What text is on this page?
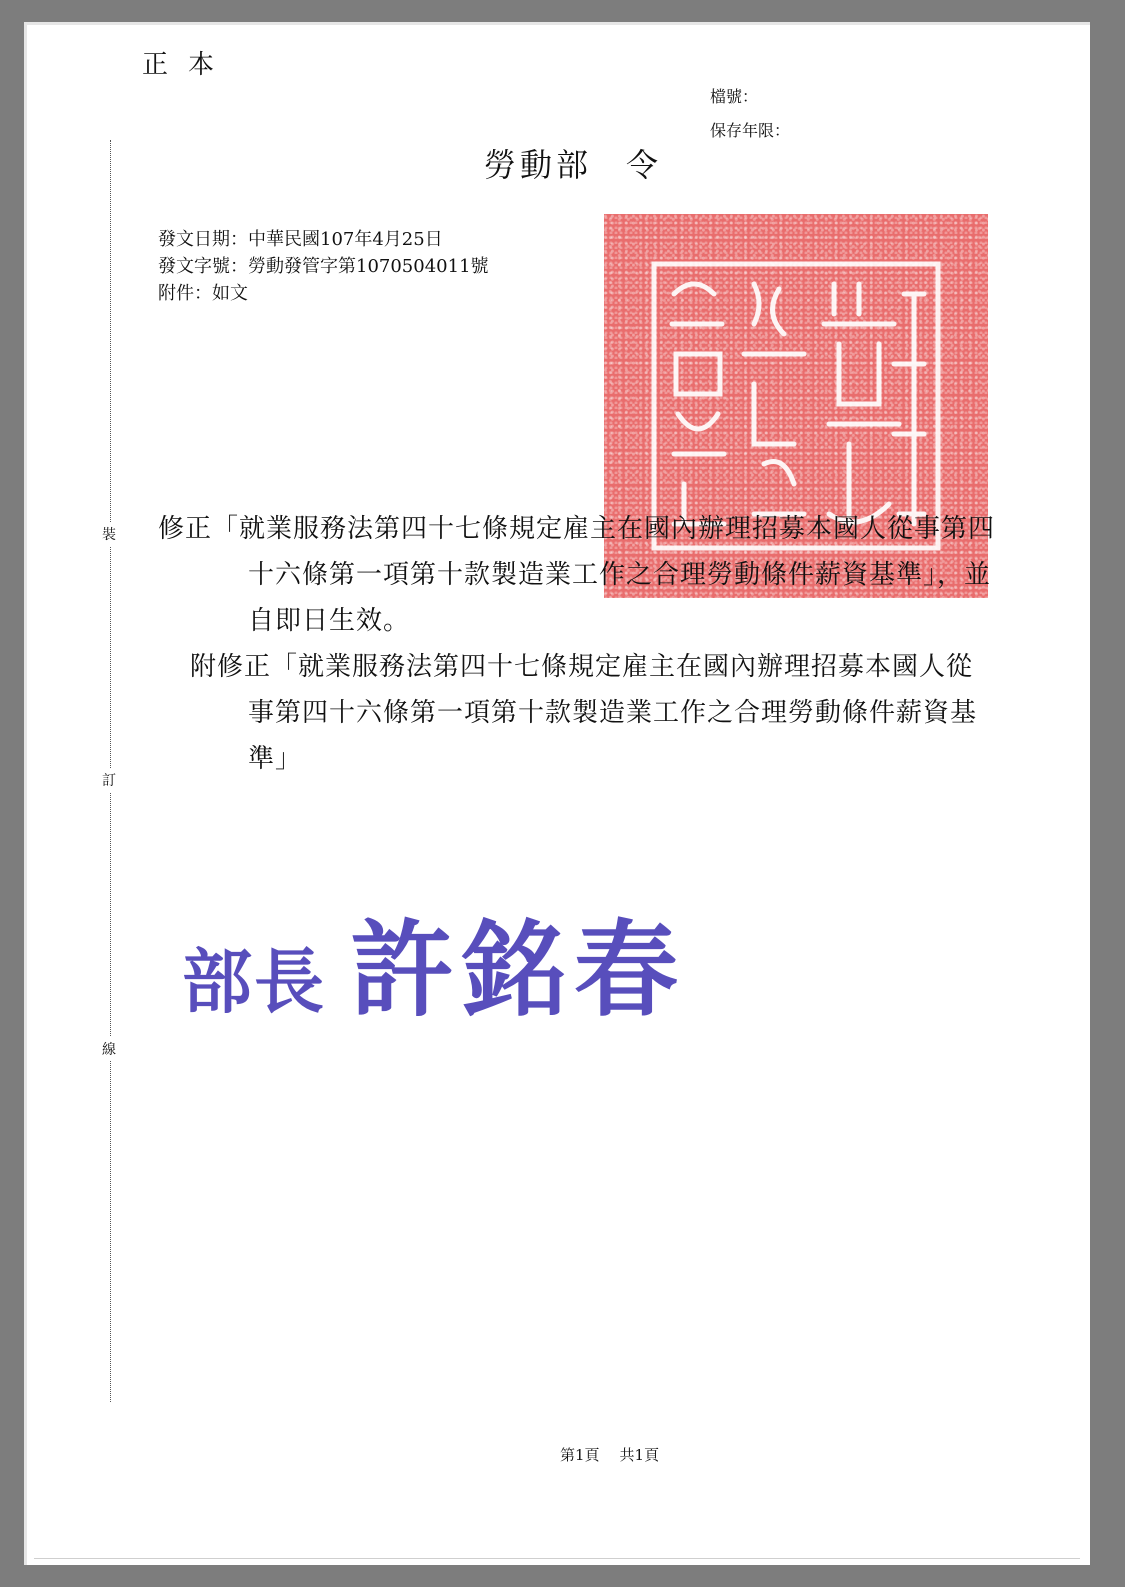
正本
檔號：
保存年限：
裝
訂
線
勞動部 令
發文日期：中華民國107年4月25日
發文字號：勞動發管字第1070504011號
附件：如文

修正「就業服務法第四十七條規定雇主在國內辦理招募本國人從事第四十六條第一項第十款製造業工作之合理勞動條件薪資基準」，並自即日生效。

附修正「就業服務法第四十七條規定雇主在國內辦理招募本國人從事第四十六條第一項第十款製造業工作之合理勞動條件薪資基準」

部長 許銘春
第1頁 共1頁
